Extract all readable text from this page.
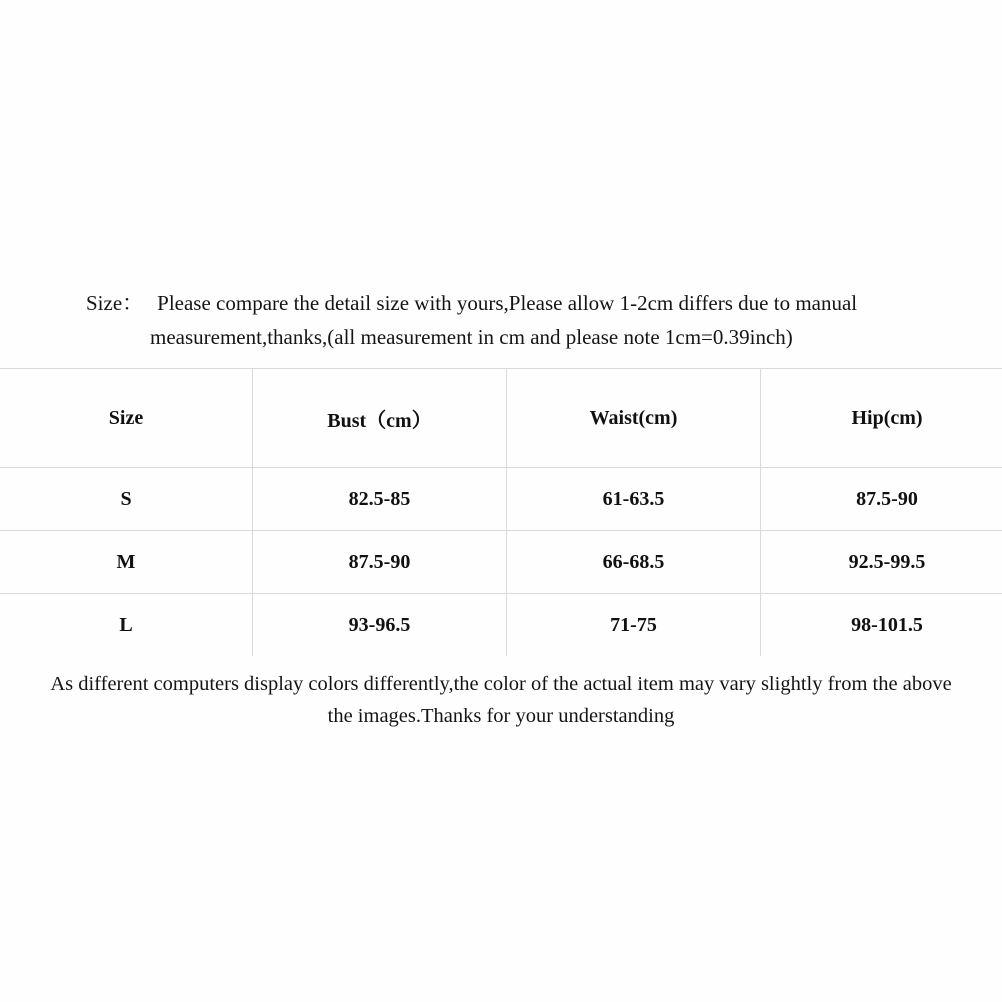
Size： Please compare the detail size with yours,Please allow 1-2cm differs due to manual
measurement,thanks,(all measurement in cm and please note 1cm=0.39inch)
Size	Bust（cm）	Waist(cm)	Hip(cm)
S	82.5-85	61-63.5	87.5-90
M	87.5-90	66-68.5	92.5-99.5
L	93-96.5	71-75	98-101.5
As different computers display colors differently,the color of the actual item may vary slightly from the above
the images.Thanks for your understanding
